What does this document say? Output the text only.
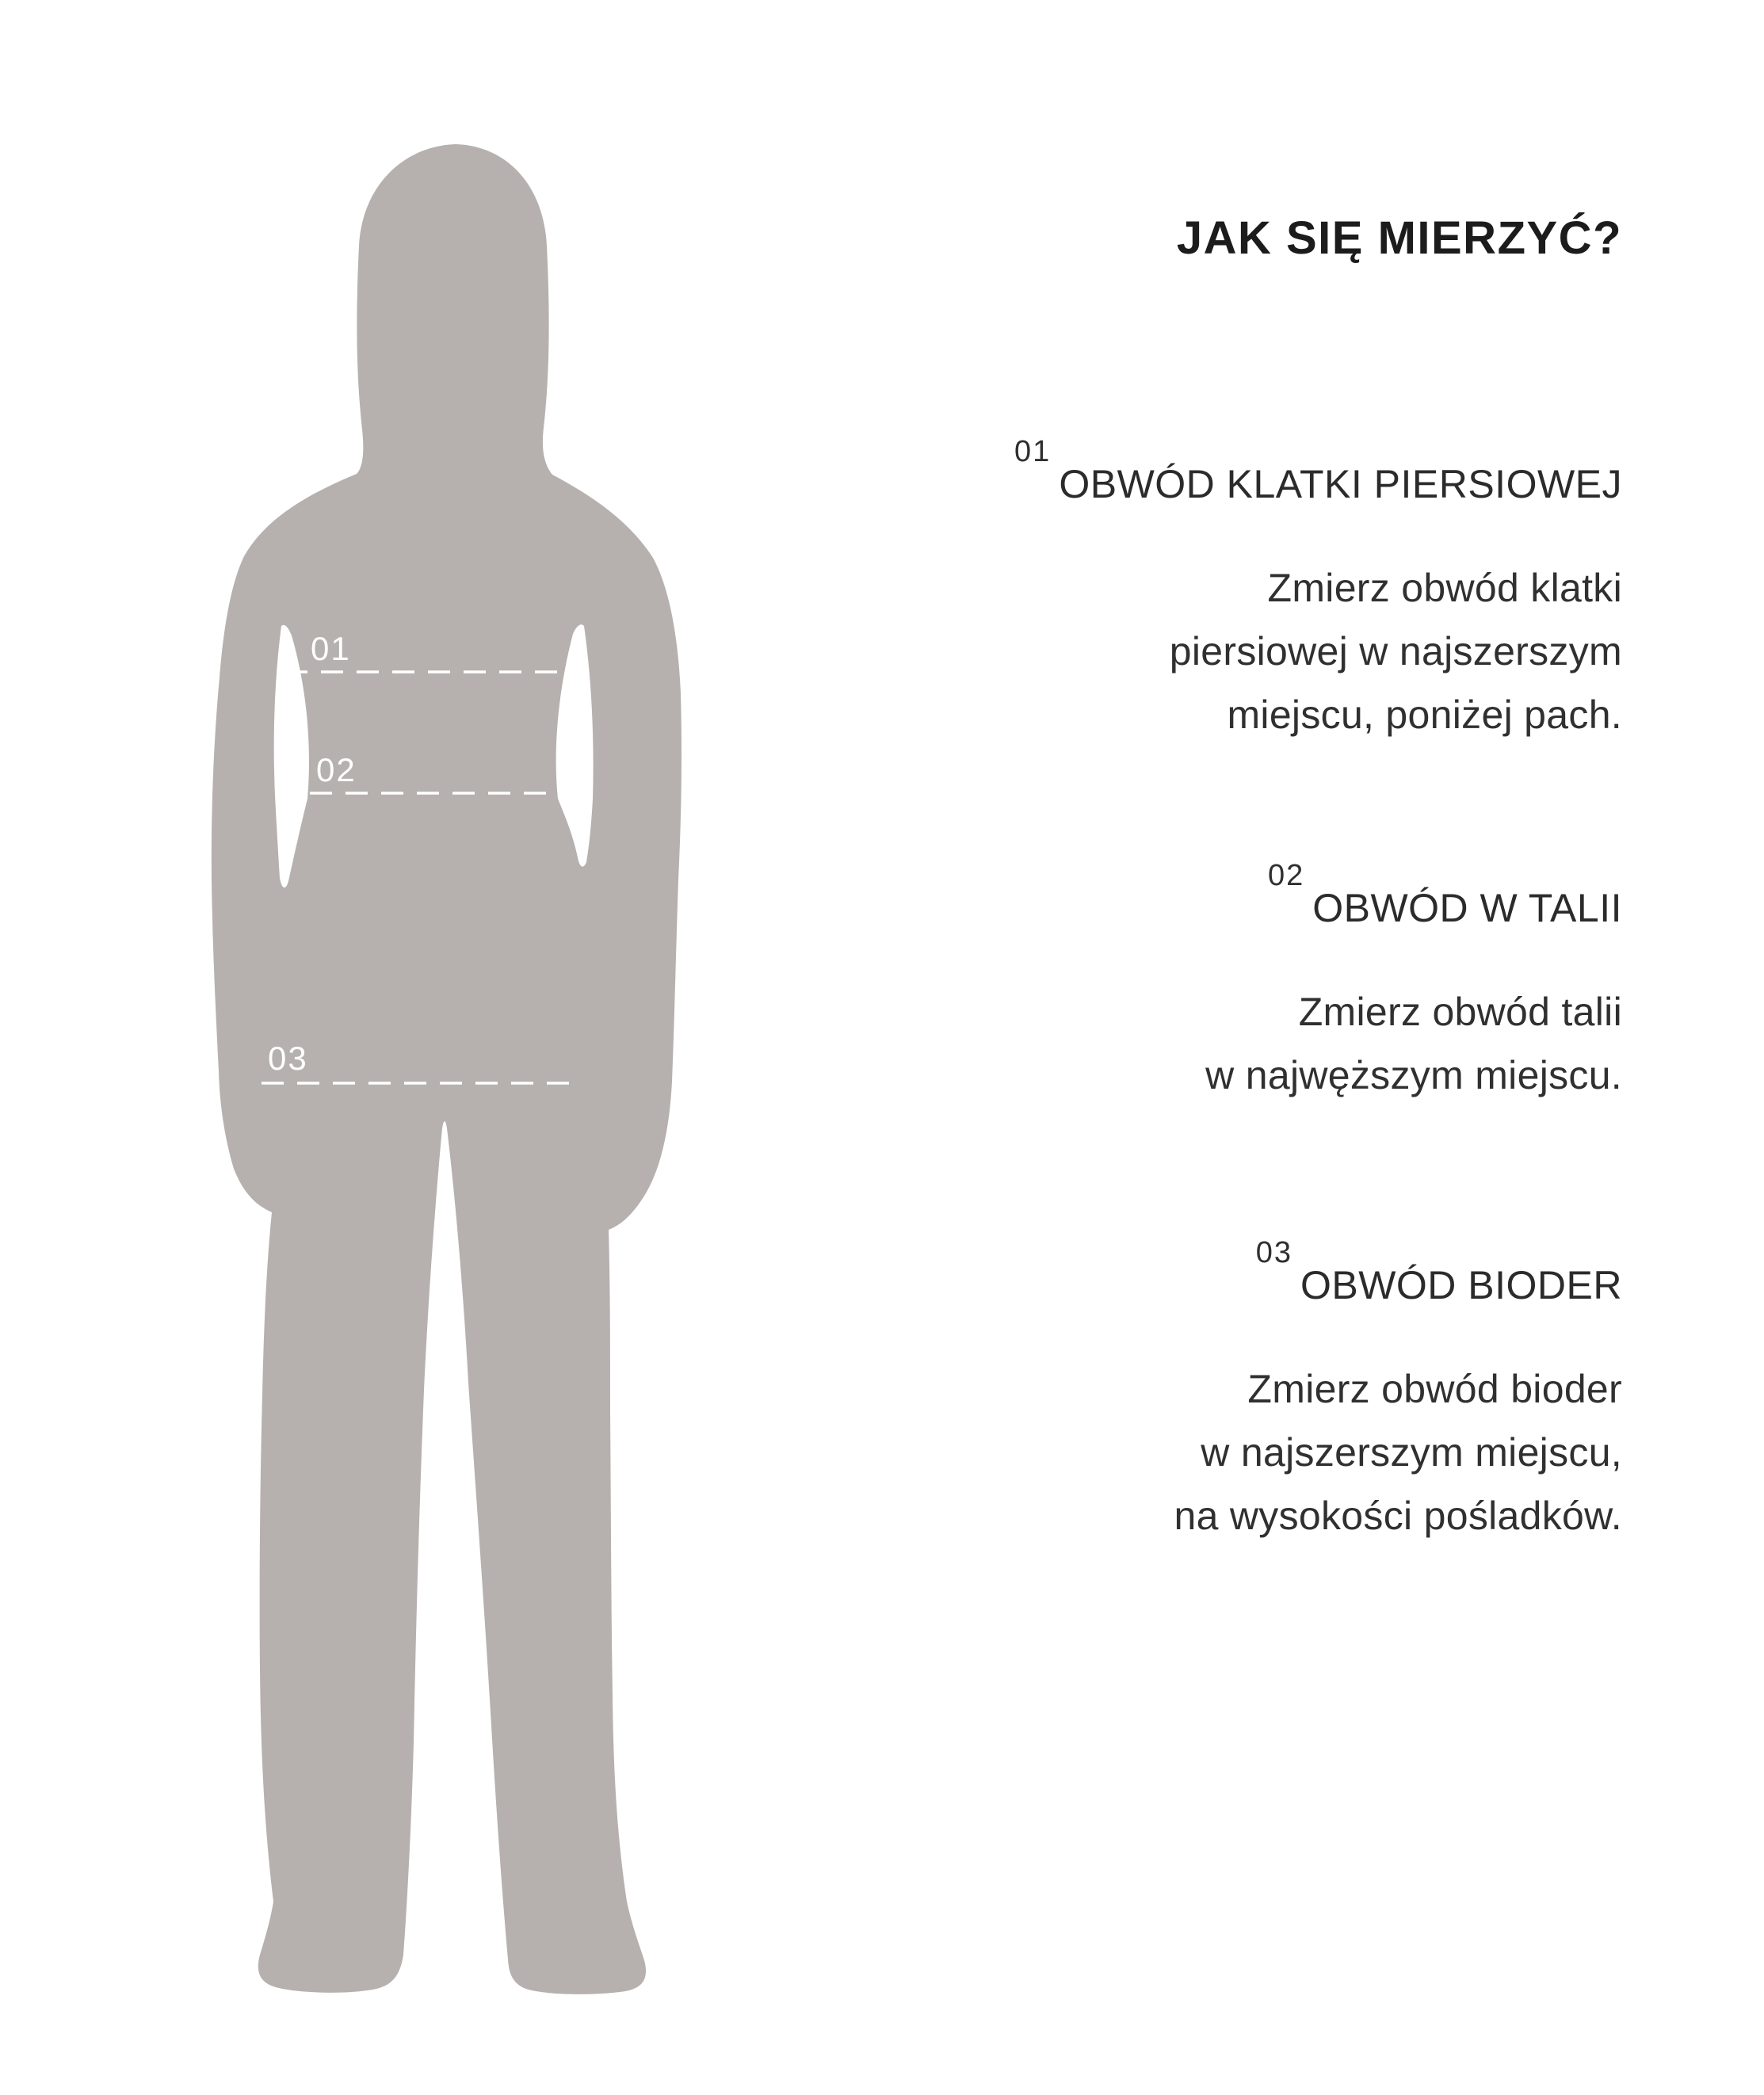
01
02
03
JAK SIĘ MIERZYĆ?
01OBWÓD KLATKI PIERSIOWEJ
Zmierz obwód klatki
piersiowej w najszerszym
miejscu, poniżej pach.
02OBWÓD W TALII
Zmierz obwód talii
w najwęższym miejscu.
03OBWÓD BIODER
Zmierz obwód bioder
w najszerszym miejscu,
na wysokości pośladków.
